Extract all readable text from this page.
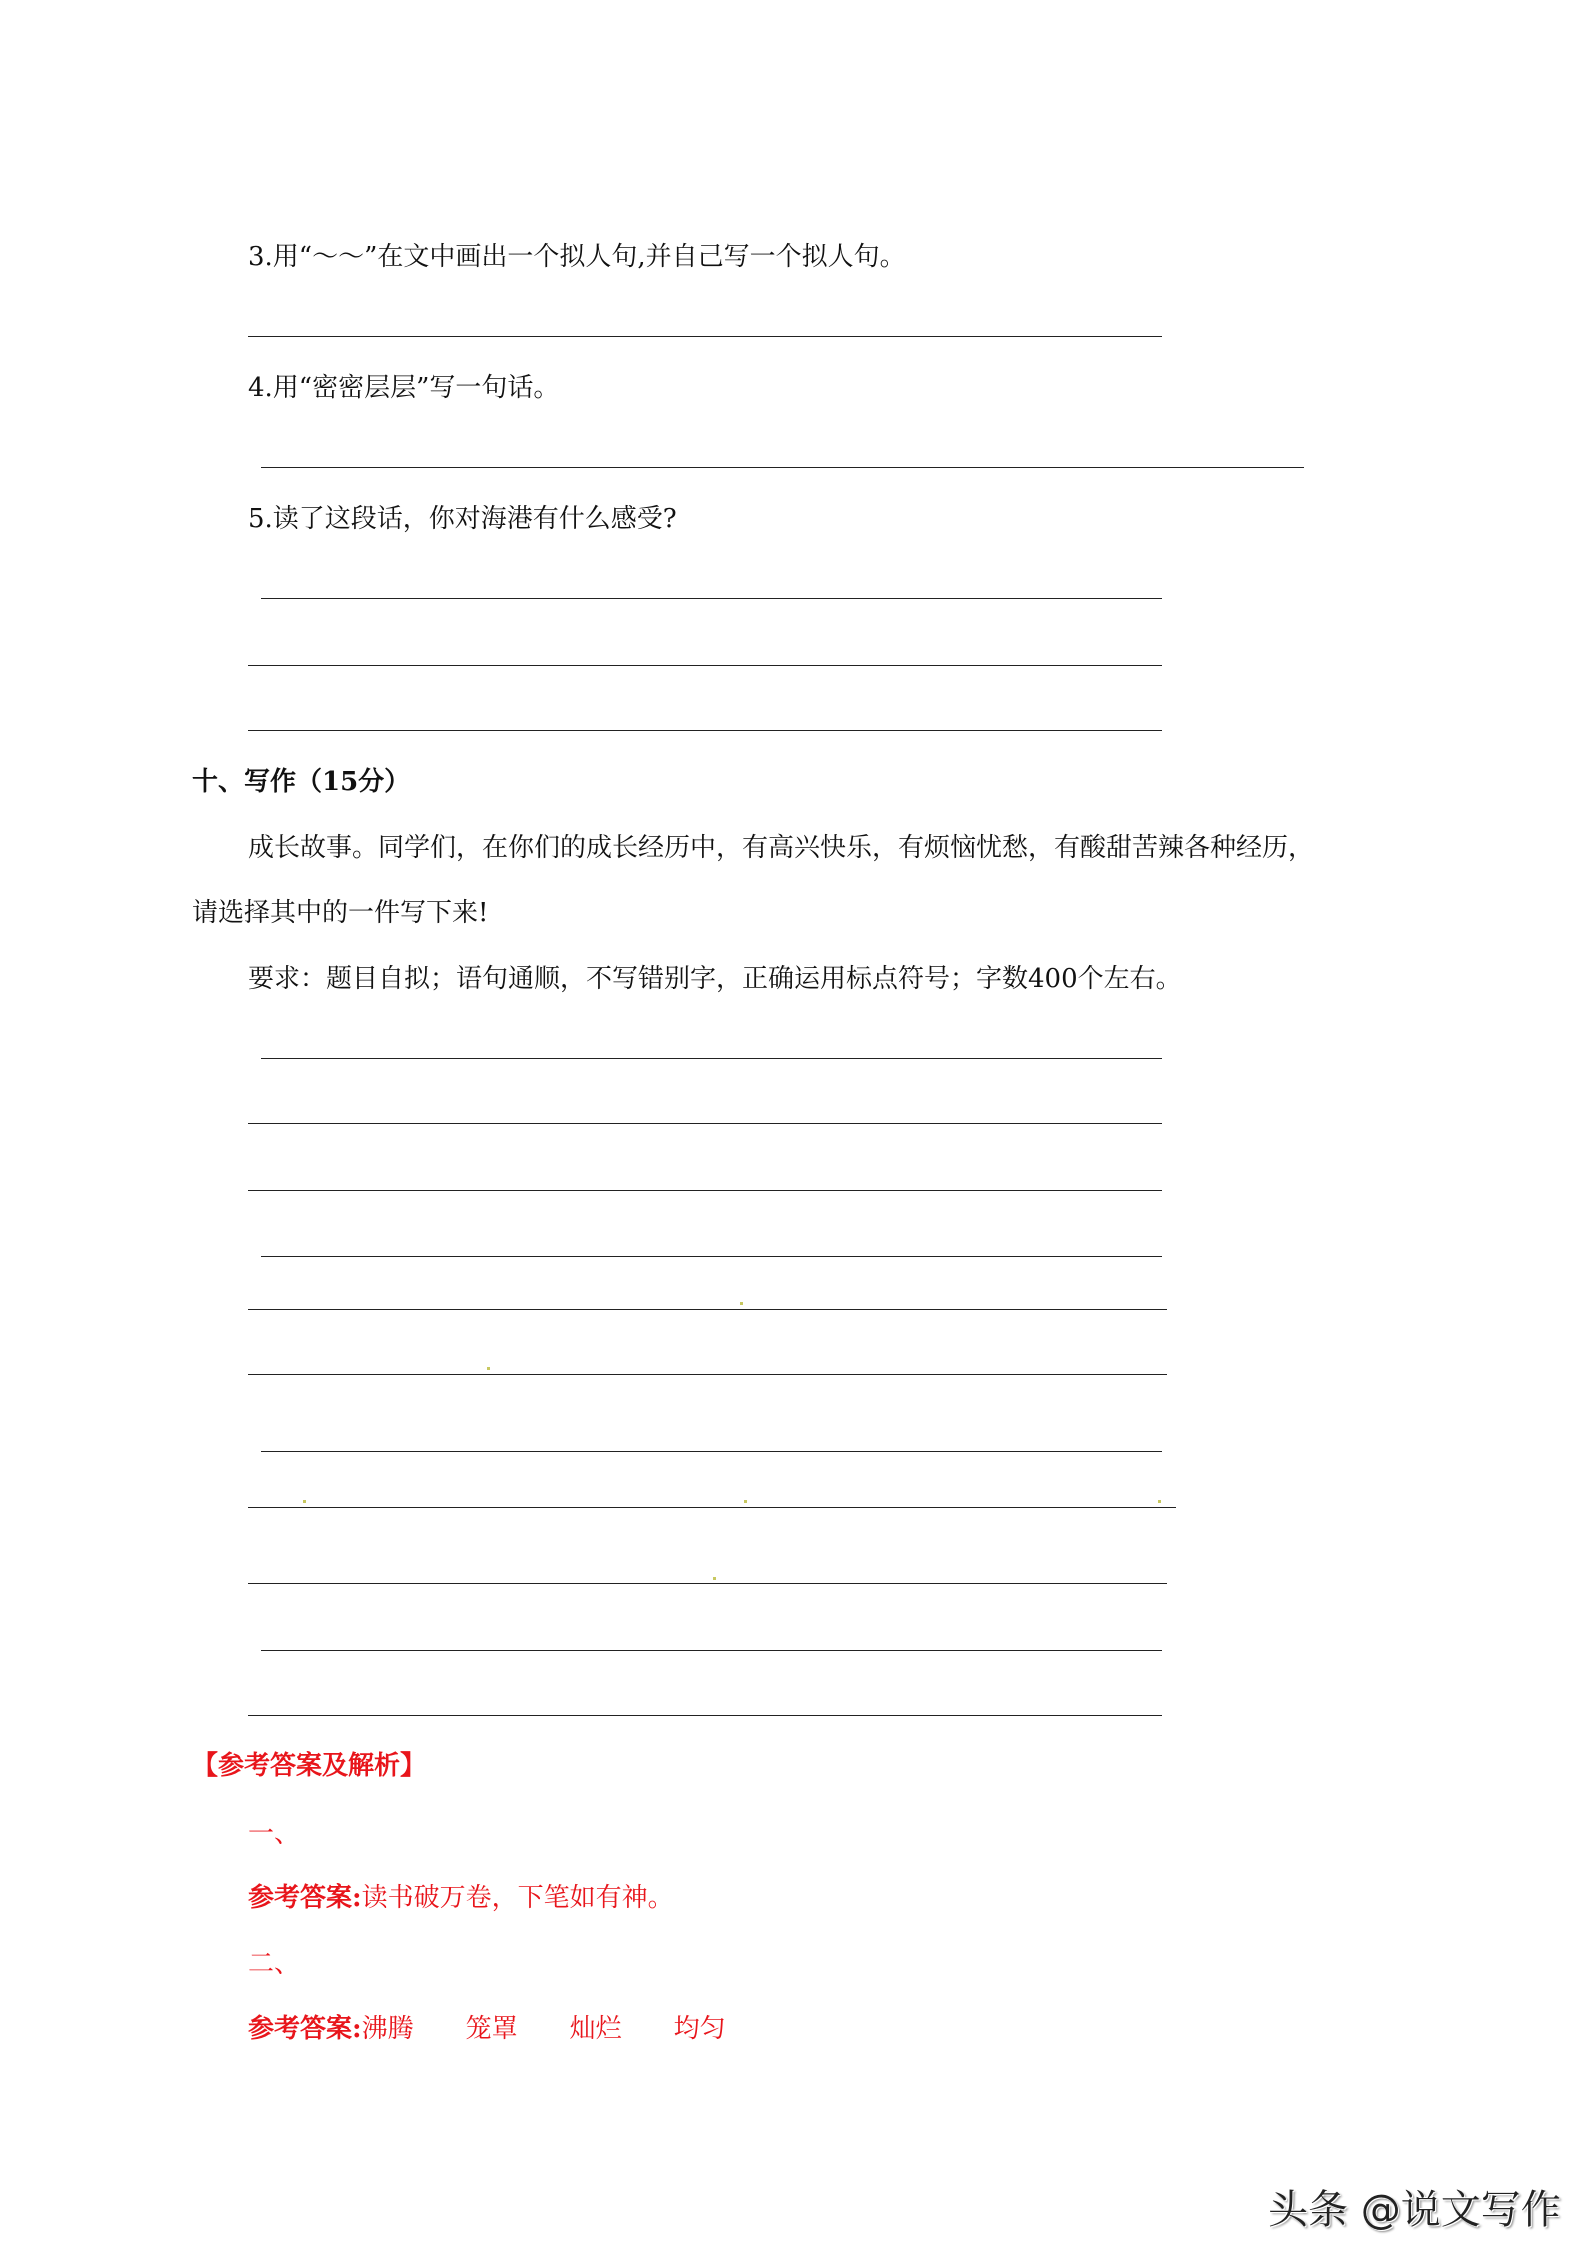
3.用“～～”在文中画出一个拟人句,并自己写一个拟人句。
4.用“密密层层”写一句话。
5.读了这段话，你对海港有什么感受?
十、写作（15分）
成长故事。同学们，在你们的成长经历中，有高兴快乐，有烦恼忧愁，有酸甜苦辣各种经历，
请选择其中的一件写下来!
要求：题目自拟；语句通顺，不写错别字，正确运用标点符号；字数400个左右。
【参考答案及解析】
一、
参考答案:读书破万卷，下笔如有神。
二、
参考答案:沸腾 笼罩 灿烂 均匀
头条 @说文写作
